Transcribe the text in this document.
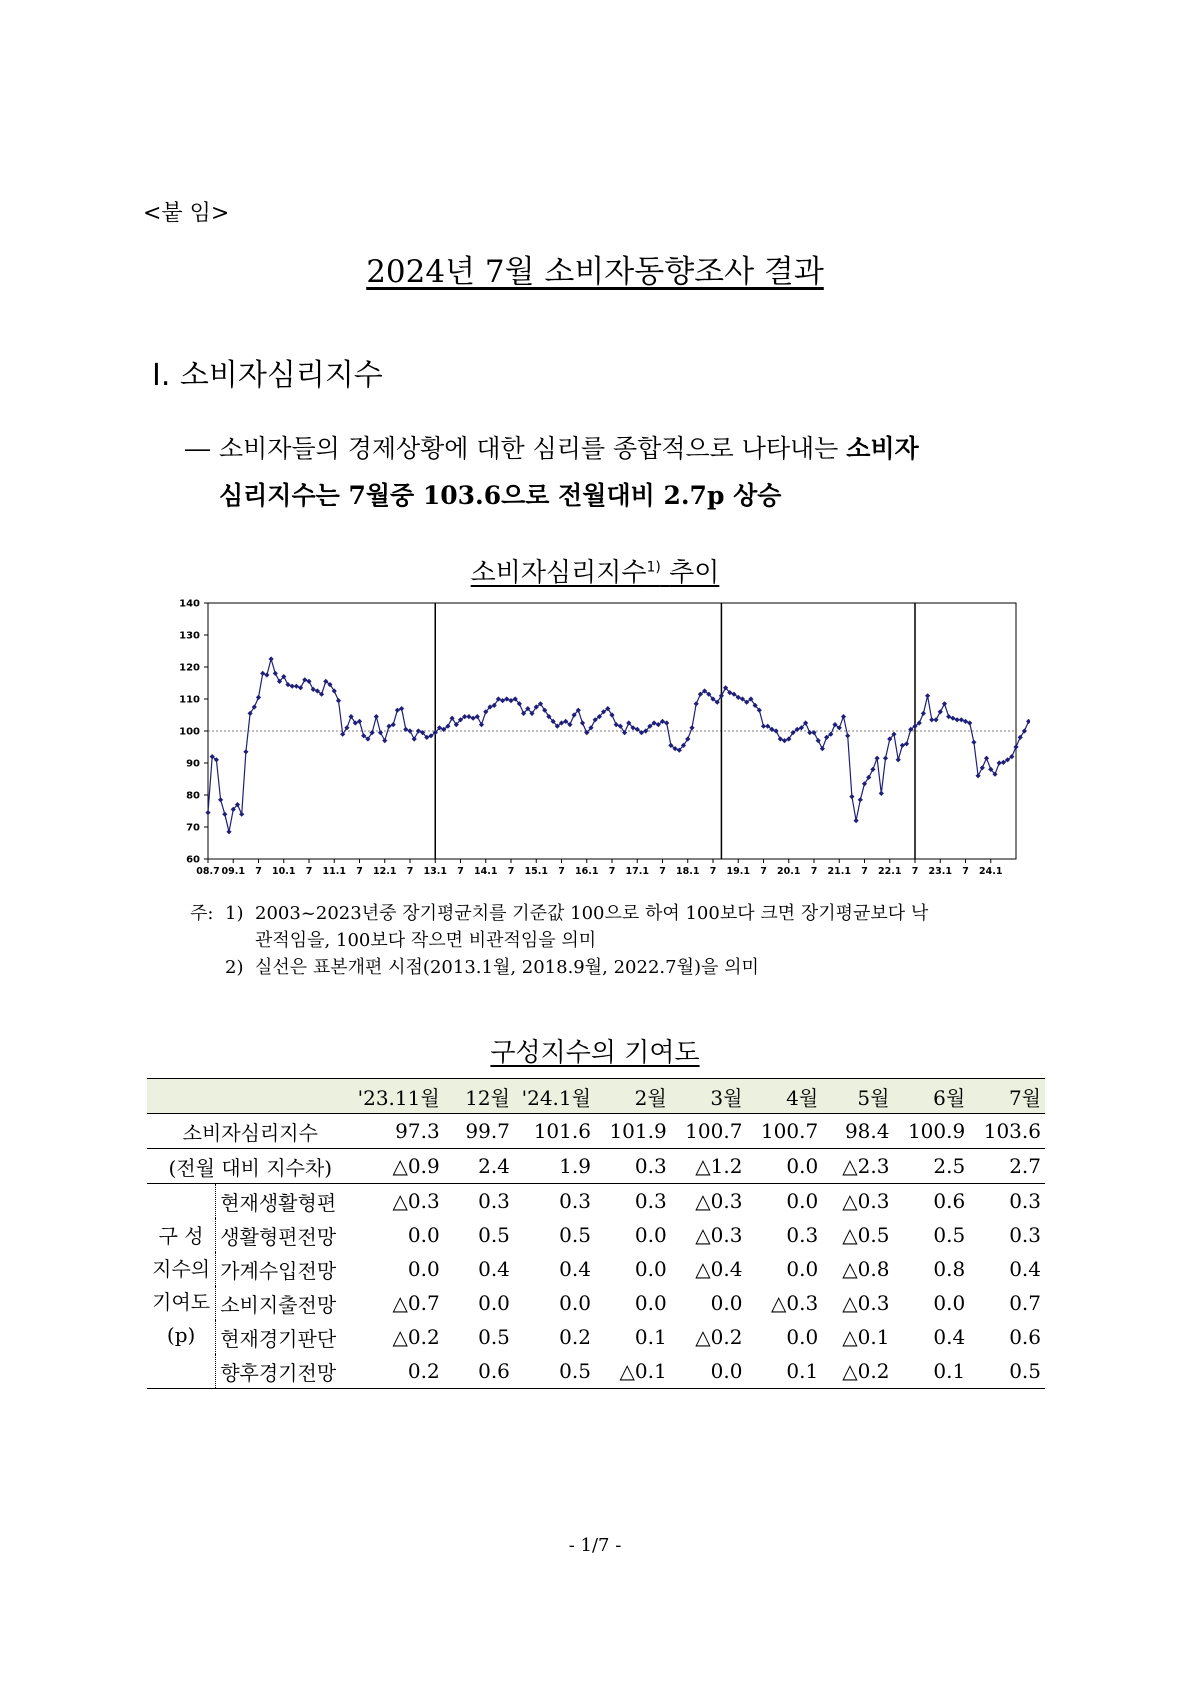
<붙 임>
2024년 7월 소비자동향조사 결과
Ⅰ. 소비자심리지수
― 소비자들의 경제상황에 대한 심리를 종합적으로 나타내는 소비자
심리지수는 7월중 103.6으로 전월대비 2.7p 상승
소비자심리지수$^{1)}$ 추이
60
70
80
90
100
110
120
130
140
08.7 09.1 7 10.1 7 11.1 7 12.1 7 13.1 7 14.1 7 15.1 7 16.1 7 17.1 7 18.1 7 19.1 7 20.1 7 21.1 7 22.1 7 23.1 7 24.1
주: 1) 2003~2023년중 장기평균치를 기준값 100으로 하여 100보다 크면 장기평균보다 낙
관적임을, 100보다 작으면 비관적임을 의미
2) 실선은 표본개편 시점(2013.1월, 2018.9월, 2022.7월)을 의미
구성지수의 기여도
		'23.11월	12월	'24.1월	2월	3월	4월	5월	6월	7월
소비자심리지수		97.3	99.7	101.6	101.9	100.7	100.7	98.4	100.9	103.6
(전월 대비 지수차)		△0.9	2.4	1.9	0.3	△1.2	0.0	△2.3	2.5	2.7

구 성
지수의
기여도
(p)	현재생활형편	△0.3	0.3	0.3	0.3	△0.3	0.0	△0.3	0.6	0.3
	생활형편전망	0.0	0.5	0.5	0.0	△0.3	0.3	△0.5	0.5	0.3
	가계수입전망	0.0	0.4	0.4	0.0	△0.4	0.0	△0.8	0.8	0.4
	소비지출전망	△0.7	0.0	0.0	0.0	0.0	△0.3	△0.3	0.0	0.7
	현재경기판단	△0.2	0.5	0.2	0.1	△0.2	0.0	△0.1	0.4	0.6
	향후경기전망	0.2	0.6	0.5	△0.1	0.0	0.1	△0.2	0.1	0.5
- 1/7 -
